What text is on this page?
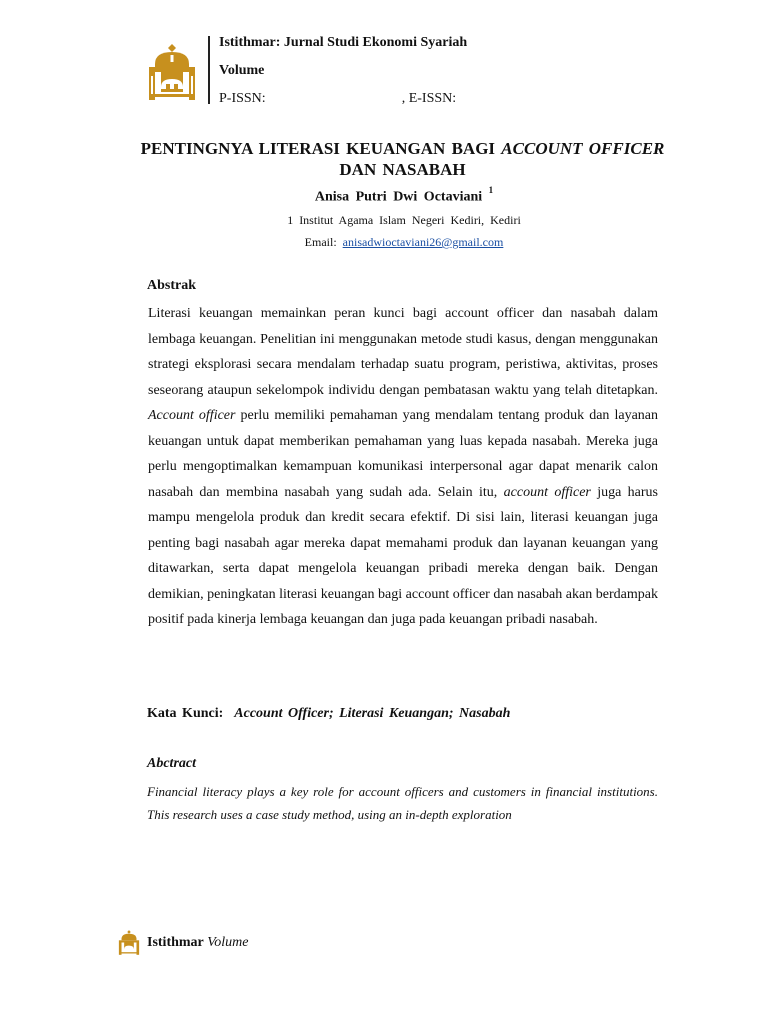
Istithmar: Jurnal Studi Ekonomi Syariah
Volume
P-ISSN:	, E-ISSN:
PENTINGNYA LITERASI KEUANGAN BAGI ACCOUNT OFFICER DAN NASABAH
Anisa Putri Dwi Octaviani $^1$
1 Institut Agama Islam Negeri Kediri, Kediri
Email: anisadwioctaviani26@gmail.com
Abstrak
Literasi keuangan memainkan peran kunci bagi account officer dan nasabah dalam lembaga keuangan. Penelitian ini menggunakan metode studi kasus, dengan menggunakan strategi eksplorasi secara mendalam terhadap suatu program, peristiwa, aktivitas, proses seseorang ataupun sekelompok individu dengan pembatasan waktu yang telah ditetapkan. Account officer perlu memiliki pemahaman yang mendalam tentang produk dan layanan keuangan untuk dapat memberikan pemahaman yang luas kepada nasabah. Mereka juga perlu mengoptimalkan kemampuan komunikasi interpersonal agar dapat menarik calon nasabah dan membina nasabah yang sudah ada. Selain itu, account officer juga harus mampu mengelola produk dan kredit secara efektif. Di sisi lain, literasi keuangan juga penting bagi nasabah agar mereka dapat memahami produk dan layanan keuangan yang ditawarkan, serta dapat mengelola keuangan pribadi mereka dengan baik. Dengan demikian, peningkatan literasi keuangan bagi account officer dan nasabah akan berdampak positif pada kinerja lembaga keuangan dan juga pada keuangan pribadi nasabah.
Kata Kunci: Account Officer; Literasi Keuangan; Nasabah
Abctract
Financial literacy plays a key role for account officers and customers in financial institutions. This research uses a case study method, using an in-depth exploration
Istithmar Volume
